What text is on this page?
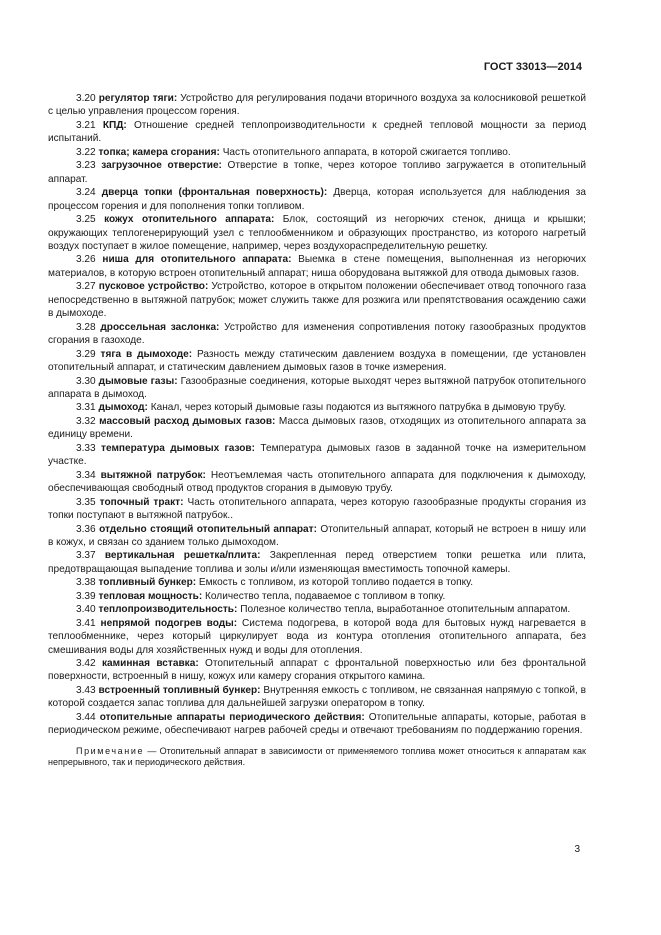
ГОСТ 33013—2014

3.20 регулятор тяги: Устройство для регулирования подачи вторичного воздуха за колосниковой решеткой с целью управления процессом горения.

3.21 КПД: Отношение средней теплопроизводительности к средней тепловой мощности за период испытаний.

3.22 топка; камера сгорания: Часть отопительного аппарата, в которой сжигается топливо.

3.23 загрузочное отверстие: Отверстие в топке, через которое топливо загружается в отопительный аппарат.

3.24 дверца топки (фронтальная поверхность): Дверца, которая используется для наблюдения за процессом горения и для пополнения топки топливом.

3.25 кожух отопительного аппарата: Блок, состоящий из негорючих стенок, днища и крышки; окружающих теплогенерирующий узел с теплообменником и образующих пространство, из которого нагретый воздух поступает в жилое помещение, например, через воздухораспределительную решетку.

3.26 ниша для отопительного аппарата: Выемка в стене помещения, выполненная из негорючих материалов, в которую встроен отопительный аппарат; ниша оборудована вытяжкой для отвода дымовых газов.

3.27 пусковое устройство: Устройство, которое в открытом положении обеспечивает отвод топочного газа непосредственно в вытяжной патрубок; может служить также для розжига или препятствования осаждению сажи в дымоходе.

3.28 дроссельная заслонка: Устройство для изменения сопротивления потоку газообразных продуктов сгорания в газоходе.

3.29 тяга в дымоходе: Разность между статическим давлением воздуха в помещении, где установлен отопительный аппарат, и статическим давлением дымовых газов в точке измерения.

3.30 дымовые газы: Газообразные соединения, которые выходят через вытяжной патрубок отопительного аппарата в дымоход.

3.31 дымоход: Канал, через который дымовые газы подаются из вытяжного патрубка в дымовую трубу.

3.32 массовый расход дымовых газов: Масса дымовых газов, отходящих из отопительного аппарата за единицу времени.

3.33 температура дымовых газов: Температура дымовых газов в заданной точке на измерительном участке.

3.34 вытяжной патрубок: Неотъемлемая часть отопительного аппарата для подключения к дымоходу, обеспечивающая свободный отвод продуктов сгорания в дымовую трубу.

3.35 топочный тракт: Часть отопительного аппарата, через которую газообразные продукты сгорания из топки поступают в вытяжной патрубок..

3.36 отдельно стоящий отопительный аппарат: Отопительный аппарат, который не встроен в нишу или в кожух, и связан со зданием только дымоходом.

3.37 вертикальная решетка/плита: Закрепленная перед отверстием топки решетка или плита, предотвращающая выпадение топлива и золы и/или изменяющая вместимость топочной камеры.

3.38 топливный бункер: Емкость с топливом, из которой топливо подается в топку.

3.39 тепловая мощность: Количество тепла, подаваемое с топливом в топку.

3.40 теплопроизводительность: Полезное количество тепла, выработанное отопительным аппаратом.

3.41 непрямой подогрев воды: Система подогрева, в которой вода для бытовых нужд нагревается в теплообменнике, через который циркулирует вода из контура отопления отопительного аппарата, без смешивания воды для хозяйственных нужд и воды для отопления.

3.42 каминная вставка: Отопительный аппарат с фронтальной поверхностью или без фронтальной поверхности, встроенный в нишу, кожух или камеру сгорания открытого камина.

3.43 встроенный топливный бункер: Внутренняя емкость с топливом, не связанная напрямую с топкой, в которой создается запас топлива для дальнейшей загрузки оператором в топку.

3.44 отопительные аппараты периодического действия: Отопительные аппараты, которые, работая в периодическом режиме, обеспечивают нагрев рабочей среды и отвечают требованиям по поддержанию горения.

Примечание — Отопительный аппарат в зависимости от применяемого топлива может относиться к аппаратам как непрерывного, так и периодического действия.

3
